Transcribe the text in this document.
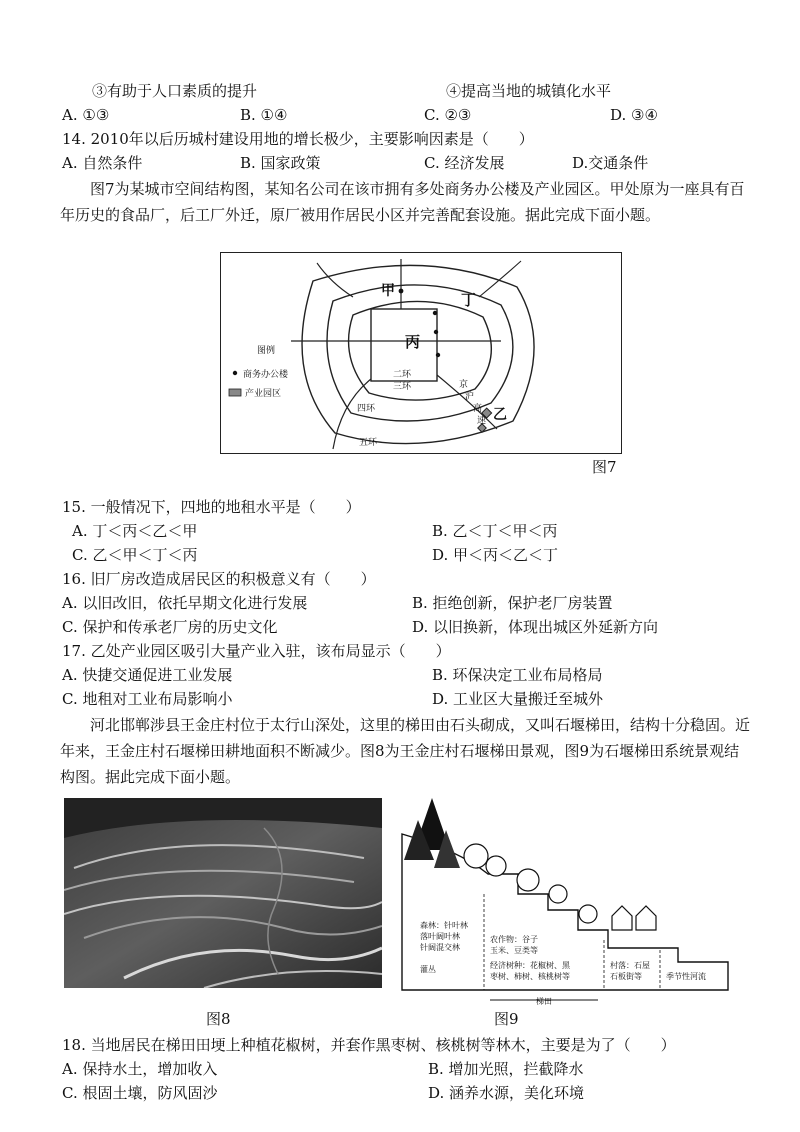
③有助于人口素质的提升	④提高当地的城镇化水平
A. ①③	B. ①④	C. ②③	D. ③④
14. 2010年以后历城村建设用地的增长极少，主要影响因素是（　　）
A. 自然条件	B. 国家政策	C. 经济发展	D.交通条件
图7为某城市空间结构图，某知名公司在该市拥有多处商务办公楼及产业园区。甲处原为一座具有百年历史的食品厂，后工厂外迁，原厂被用作居民小区并完善配套设施。据此完成下面小题。
甲	丁
丙
乙
二环
三环
四环
五环
京
沪
高
速
图例
商务办公楼
产业园区
图7
15. 一般情况下，四地的地租水平是（　　）
A. 丁＜丙＜乙＜甲	B. 乙＜丁＜甲＜丙
C. 乙＜甲＜丁＜丙	D. 甲＜丙＜乙＜丁
16. 旧厂房改造成居民区的积极意义有（　　）
A. 以旧改旧，依托早期文化进行发展	B. 拒绝创新，保护老厂房装置
C. 保护和传承老厂房的历史文化	D. 以旧换新，体现出城区外延新方向
17. 乙处产业园区吸引大量产业入驻，该布局显示（　　）
A. 快捷交通促进工业发展	B. 环保决定工业布局格局
C. 地租对工业布局影响小	D. 工业区大量搬迁至城外
河北邯郸涉县王金庄村位于太行山深处，这里的梯田由石头砌成，又叫石堰梯田，结构十分稳固。近年来，王金庄村石堰梯田耕地面积不断减少。图8为王金庄村石堰梯田景观，图9为石堰梯田系统景观结构图。据此完成下面小题。
图8
森林：针叶林
落叶阔叶林
针阔混交林
灌丛
农作物：谷子
玉米、豆类等
经济树种：花椒树、黑
枣树、柿树、核桃树等
村落：石屋
石板街等	季节性河流
梯田
图9
18. 当地居民在梯田田埂上种植花椒树，并套作黑枣树、核桃树等林木，主要是为了（　　）
A. 保持水土，增加收入	B. 增加光照，拦截降水
C. 根固土壤，防风固沙	D. 涵养水源，美化环境
